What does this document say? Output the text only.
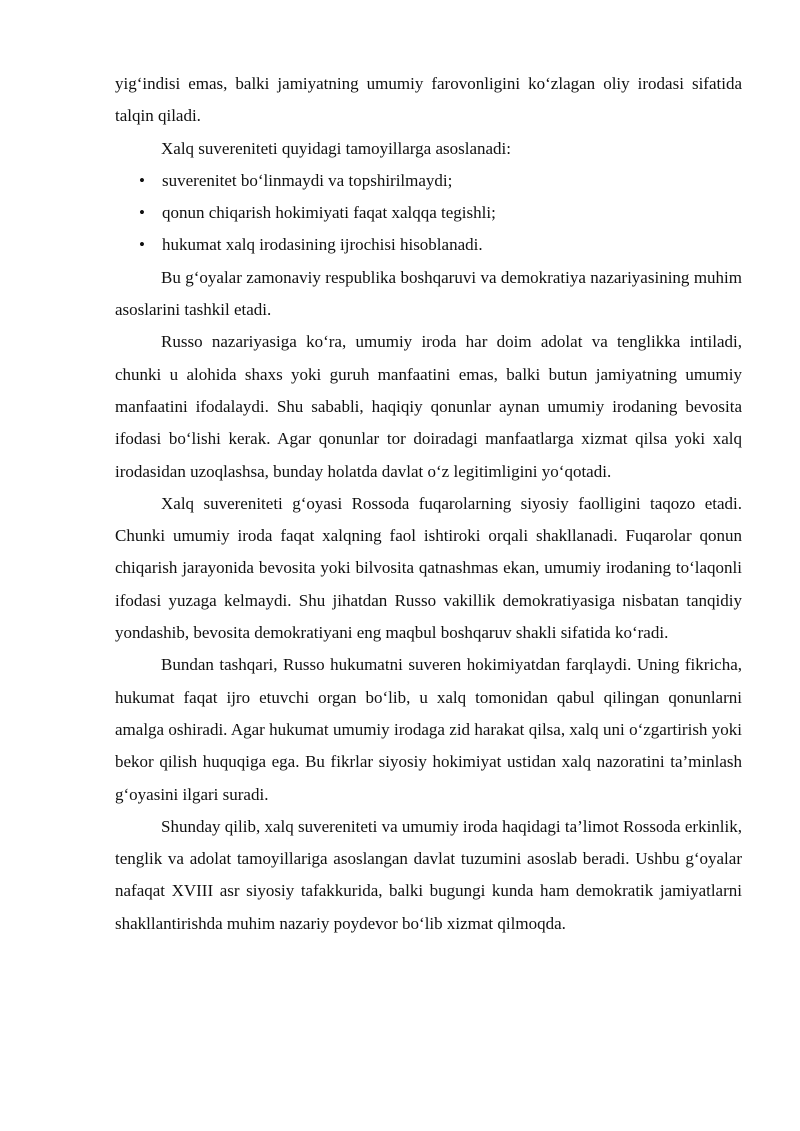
yig‘indisi emas, balki jamiyatning umumiy farovonligini ko‘zlagan oliy irodasi sifatida talqin qiladi.

Xalq suvereniteti quyidagi tamoyillarga asoslanadi:

• suverenitet bo‘linmaydi va topshirilmaydi;
• qonun chiqarish hokimiyati faqat xalqqa tegishli;
• hukumat xalq irodasining ijrochisi hisoblanadi.

Bu g‘oyalar zamonaviy respublika boshqaruvi va demokratiya nazariyasining muhim asoslarini tashkil etadi.

Russo nazariyasiga ko‘ra, umumiy iroda har doim adolat va tenglikka intiladi, chunki u alohida shaxs yoki guruh manfaatini emas, balki butun jamiyatning umumiy manfaatini ifodalaydi. Shu sababli, haqiqiy qonunlar aynan umumiy irodaning bevosita ifodasi bo‘lishi kerak. Agar qonunlar tor doiradagi manfaatlarga xizmat qilsa yoki xalq irodasidan uzoqlashsa, bunday holatda davlat o‘z legitimligini yo‘qotadi.

Xalq suvereniteti g‘oyasi Rossoda fuqarolarning siyosiy faolligini taqozo etadi. Chunki umumiy iroda faqat xalqning faol ishtiroki orqali shakllanadi. Fuqarolar qonun chiqarish jarayonida bevosita yoki bilvosita qatnashmas ekan, umumiy irodaning to‘laqonli ifodasi yuzaga kelmaydi. Shu jihatdan Russo vakillik demokratiyasiga nisbatan tanqidiy yondashib, bevosita demokratiyani eng maqbul boshqaruv shakli sifatida ko‘radi.

Bundan tashqari, Russo hukumatni suveren hokimiyatdan farqlaydi. Uning fikricha, hukumat faqat ijro etuvchi organ bo‘lib, u xalq tomonidan qabul qilingan qonunlarni amalga oshiradi. Agar hukumat umumiy irodaga zid harakat qilsa, xalq uni o‘zgartirish yoki bekor qilish huquqiga ega. Bu fikrlar siyosiy hokimiyat ustidan xalq nazoratini ta’minlash g‘oyasini ilgari suradi.

Shunday qilib, xalq suvereniteti va umumiy iroda haqidagi ta’limot Rossoda erkinlik, tenglik va adolat tamoyillariga asoslangan davlat tuzumini asoslab beradi. Ushbu g‘oyalar nafaqat XVIII asr siyosiy tafakkurida, balki bugungi kunda ham demokratik jamiyatlarni shakllantirishda muhim nazariy poydevor bo‘lib xizmat qilmoqda.
